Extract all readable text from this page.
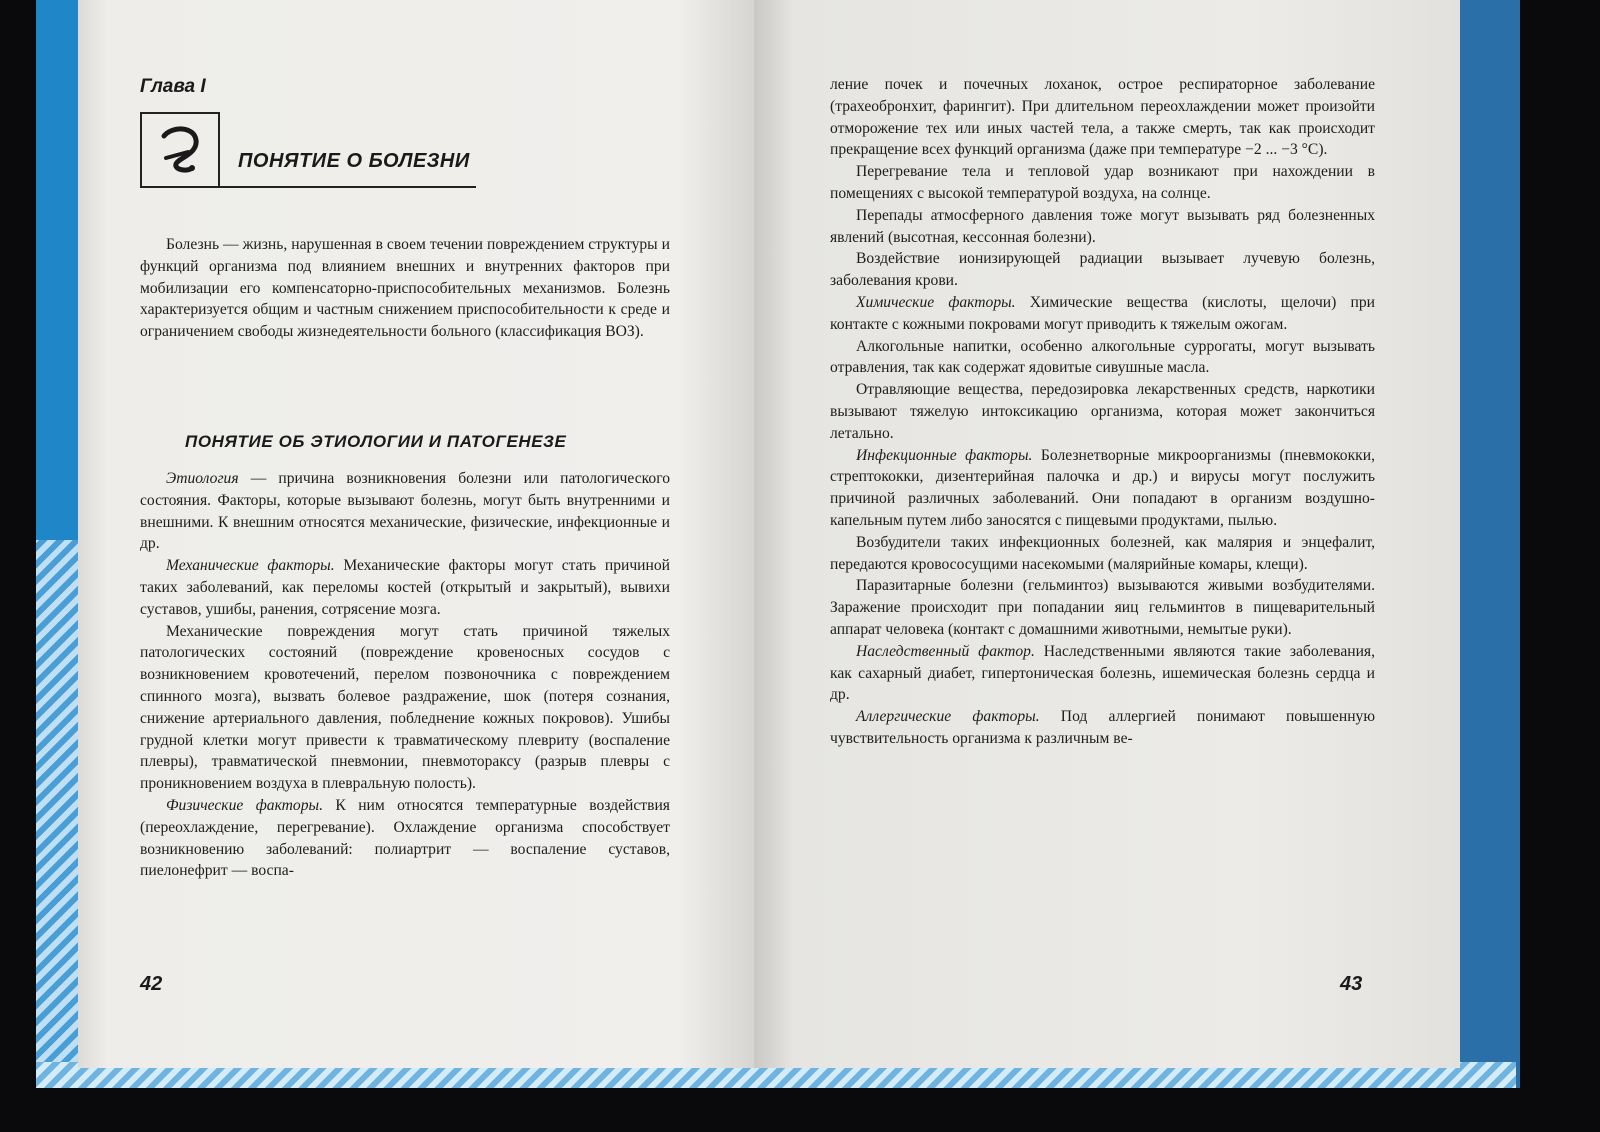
Глава I
ПОНЯТИЕ О БОЛЕЗНИ

Болезнь — жизнь, нарушенная в своем течении повреждением структуры и функций организма под влиянием внешних и внутренних факторов при мобилизации его компенсаторно-приспособительных механизмов. Болезнь характеризуется общим и частным снижением приспособительности к среде и ограничением свободы жизнедеятельности больного (классификация ВОЗ).

ПОНЯТИЕ ОБ ЭТИОЛОГИИ И ПАТОГЕНЕЗЕ

Этиология — причина возникновения болезни или патологического состояния. Факторы, которые вызывают болезнь, могут быть внутренними и внешними. К внешним относятся механические, физические, инфекционные и др.

Механические факторы. Механические факторы могут стать причиной таких заболеваний, как переломы костей (открытый и закрытый), вывихи суставов, ушибы, ранения, сотрясение мозга.

Механические повреждения могут стать причиной тяжелых патологических состояний (повреждение кровеносных сосудов с возникновением кровотечений, перелом позвоночника с повреждением спинного мозга), вызвать болевое раздражение, шок (потеря сознания, снижение артериального давления, побледнение кожных покровов). Ушибы грудной клетки могут привести к травматическому плевриту (воспаление плевры), травматической пневмонии, пневмотораксу (разрыв плевры с проникновением воздуха в плевральную полость).

Физические факторы. К ним относятся температурные воздействия (переохлаждение, перегревание). Охлаждение организма способствует возникновению заболеваний: полиартрит — воспаление суставов, пиелонефрит — воспа-

42

ление почек и почечных лоханок, острое респираторное заболевание (трахеобронхит, фарингит). При длительном переохлаждении может произойти отморожение тех или иных частей тела, а также смерть, так как происходит прекращение всех функций организма (даже при температуре −2 ... −3 °С).

Перегревание тела и тепловой удар возникают при нахождении в помещениях с высокой температурой воздуха, на солнце.

Перепады атмосферного давления тоже могут вызывать ряд болезненных явлений (высотная, кессонная болезни).

Воздействие ионизирующей радиации вызывает лучевую болезнь, заболевания крови.

Химические факторы. Химические вещества (кислоты, щелочи) при контакте с кожными покровами могут приводить к тяжелым ожогам.

Алкогольные напитки, особенно алкогольные суррогаты, могут вызывать отравления, так как содержат ядовитые сивушные масла.

Отравляющие вещества, передозировка лекарственных средств, наркотики вызывают тяжелую интоксикацию организма, которая может закончиться летально.

Инфекционные факторы. Болезнетворные микроорганизмы (пневмококки, стрептококки, дизентерийная палочка и др.) и вирусы могут послужить причиной различных заболеваний. Они попадают в организм воздушно-капельным путем либо заносятся с пищевыми продуктами, пылью.

Возбудители таких инфекционных болезней, как малярия и энцефалит, передаются кровососущими насекомыми (малярийные комары, клещи).

Паразитарные болезни (гельминтоз) вызываются живыми возбудителями. Заражение происходит при попадании яиц гельминтов в пищеварительный аппарат человека (контакт с домашними животными, немытые руки).

Наследственный фактор. Наследственными являются такие заболевания, как сахарный диабет, гипертоническая болезнь, ишемическая болезнь сердца и др.

Аллергические факторы. Под аллергией понимают повышенную чувствительность организма к различным ве-

43
